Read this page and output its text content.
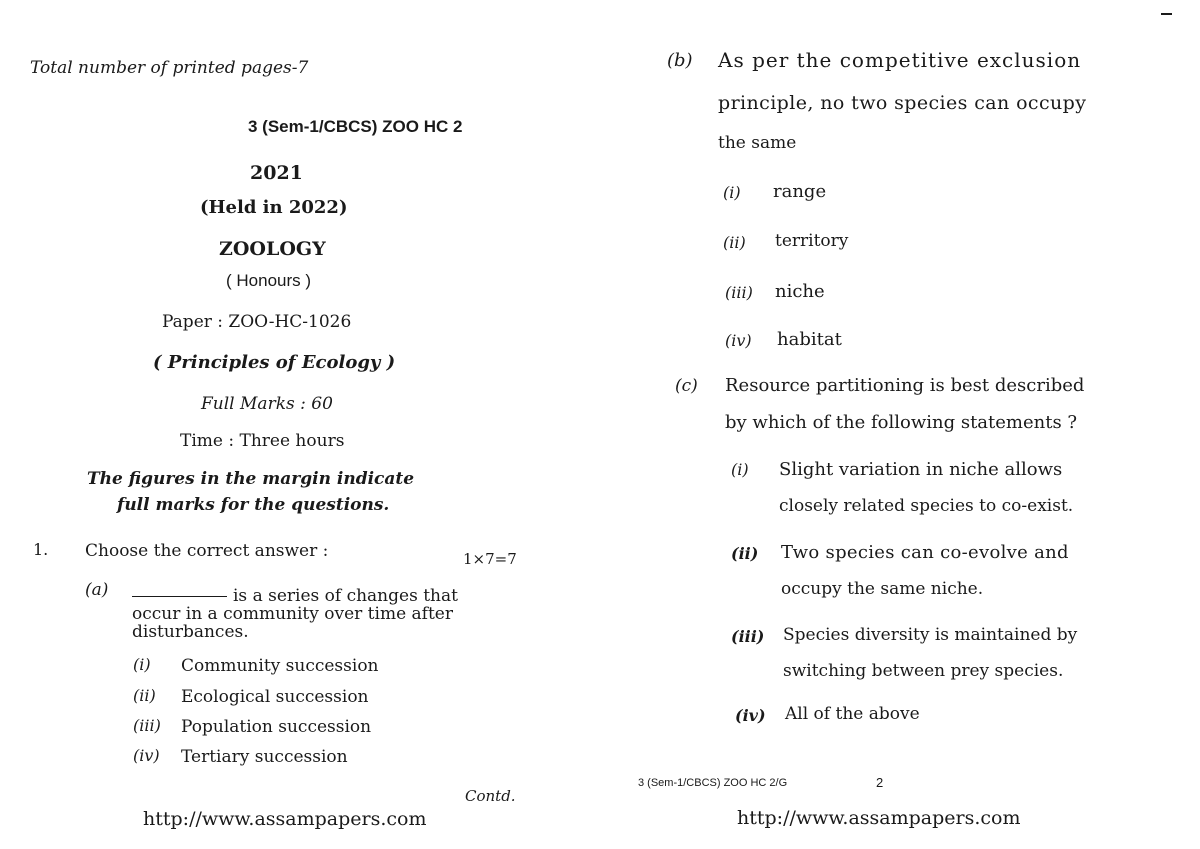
Total number of printed pages-7
3 (Sem-1/CBCS) ZOO HC 2
2021
(Held in 2022)
ZOOLOGY
( Honours )
Paper : ZOO-HC-1026
( Principles of Ecology )
Full Marks : 60
Time : Three hours
The figures in the margin indicate
full marks for the questions.
1. Choose the correct answer :	1×7=7
(a)	is a series of changes that
occur in a community over time after
disturbances.
(i) Community succession
(ii) Ecological succession
(iii) Population succession
(iv) Tertiary succession
Contd.
http://www.assampapers.com
(b) As per the competitive exclusion
principle, no two species can occupy
the same
(i) range
(ii) territory
(iii) niche
(iv) habitat
(c) Resource partitioning is best described
by which of the following statements ?
(i) Slight variation in niche allows
closely related species to co-exist.
(ii) Two species can co-evolve and
occupy the same niche.
(iii) Species diversity is maintained by
switching between prey species.
(iv) All of the above
3 (Sem-1/CBCS) ZOO HC 2/G	2
http://www.assampapers.com
